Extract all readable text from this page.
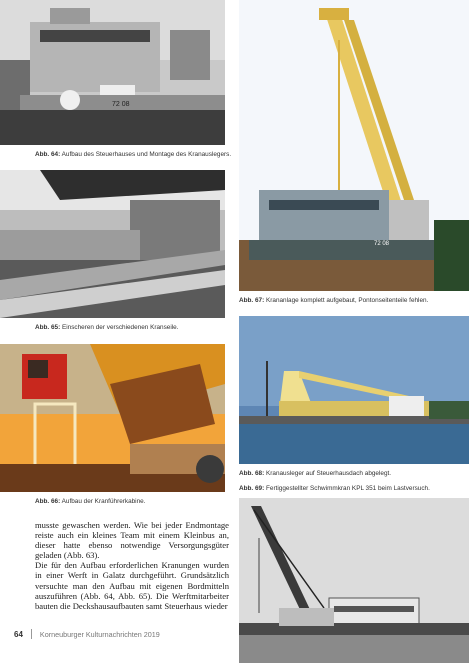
72 08
Abb. 64: Aufbau des Steuerhauses und Montage des Kranauslegers.
Abb. 65: Einscheren der verschiedenen Kranseile.
Abb. 66: Aufbau der Kranführerkabine.
72 08
Abb. 67: Krananlage komplett aufgebaut, Pontonseitenteile fehlen.
Abb. 68: Kranausleger auf Steuerhausdach abgelegt.
Abb. 69: Fertiggestellter Schwimmkran KPL 351 beim Lastversuch.

musste gewaschen werden. Wie bei jeder Endmontage reiste auch ein kleines Team mit einem Kleinbus an, dieser hatte ebenso notwendige Versorgungsgüter geladen (Abb. 63).

Die für den Aufbau erforderlichen Kranungen wurden in einer Werft in Galatz durchgeführt. Grundsätzlich versuchte man den Aufbau mit eigenen Bordmitteln auszuführen (Abb. 64, Abb. 65). Die Werftmitarbeiter bauten die Deckshausaufbauten samt Steuerhaus wieder

64 Korneuburger Kulturnachrichten 2019
